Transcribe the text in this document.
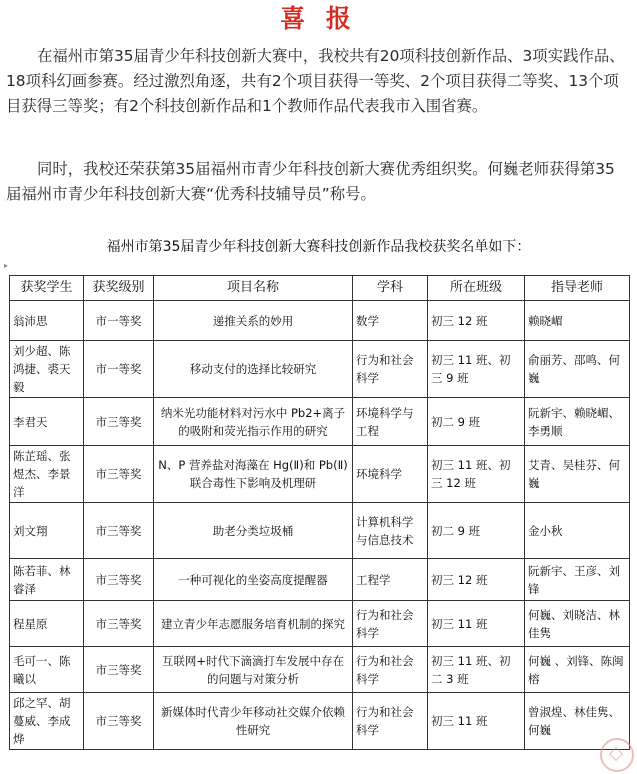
喜 报

在福州市第35届青少年科技创新大赛中，我校共有20项科技创新作品、3项实践作品、18项科幻画参赛。经过激烈角逐，共有2个项目获得一等奖、2个项目获得二等奖、13个项目获得三等奖；有2个科技创新作品和1个教师作品代表我市入围省赛。

同时，我校还荣获第35届福州市青少年科技创新大赛优秀组织奖。何巍老师获得第35届福州市青少年科技创新大赛“优秀科技辅导员”称号。

福州市第35届青少年科技创新大赛科技创新作品我校获奖名单如下：
▸
获奖学生	获奖级别	项目名称	学科	所在班级	指导老师
翁沛思	市一等奖	递推关系的妙用	数学	初三 12 班	赖晓嵋
刘少超、陈鸿捷、裘天毅	市一等奖	移动支付的选择比较研究	行为和社会科学	初三 11 班、初三 9 班	俞丽芳、邵鸣、何巍
李君天	市三等奖	纳米光功能材料对污水中 Pb2+离子的吸附和荧光指示作用的研究	环境科学与工程	初二 9 班	阮新宇、赖晓嵋、 李勇顺
陈芷瑶、张煜杰、李景洋	市三等奖	N、P 营养盐对海藻在 Hg(Ⅱ)和 Pb(Ⅱ)联合毒性下影响及机理研	环境科学	初三 11 班、初三 12 班	艾青、吴桂芬、何巍
刘文翔	市三等奖	助老分类垃圾桶	计算机科学与信息技术	初二 9 班	金小秋
陈若菲、林睿泽	市三等奖	一种可视化的坐姿高度提醒器	工程学	初三 12 班	阮新宇、王彦、刘锋
程星原	市三等奖	建立青少年志愿服务培育机制的探究	行为和社会科学	初三 11 班	何巍、刘晓洁、林佳隽
毛可一、陈曦以	市三等奖	互联网+时代下滴滴打车发展中存在的问题与对策分析	行为和社会科学	初三 11 班、初二 3 班	何巍 、刘锋、陈闽榕
邱之罕、胡蔓威、李成烨	市三等奖	新媒体时代青少年移动社交媒介依赖性研究	行为和社会科学	初三 11 班	曾淑煌、林佳隽、何巍
